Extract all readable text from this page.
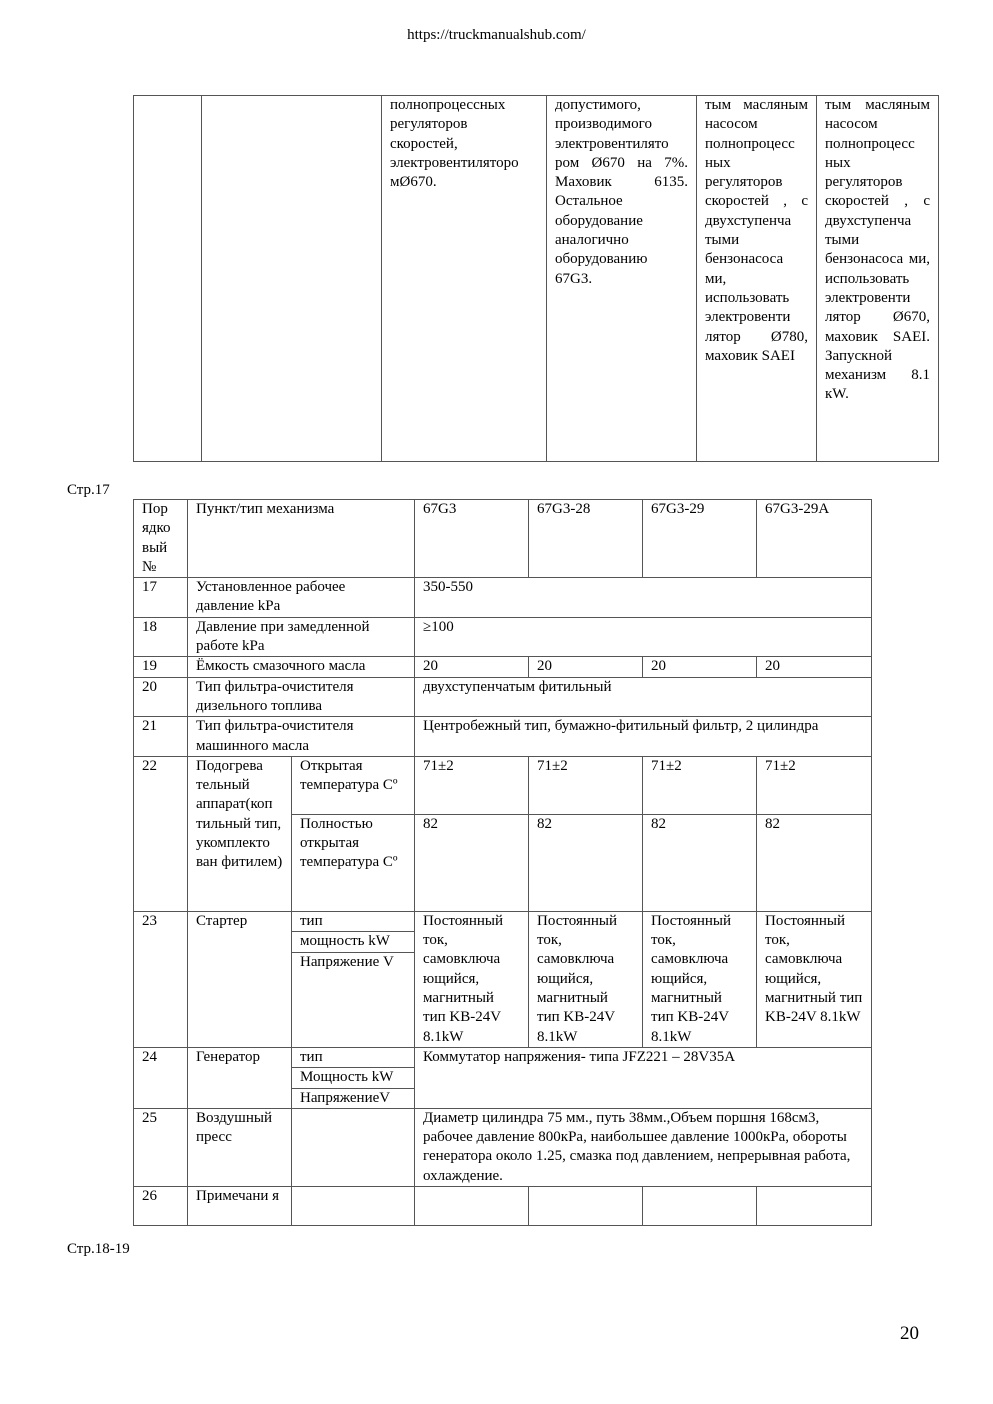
https://truckmanualshub.com/
		полнопроцессных регуляторов скоростей, электровентиляторо мØ670.	допустимого, производимого электровентилято ром Ø670 на 7%. Маховик 6135. Остальное оборудование аналогично оборудованию 67G3.	тым масляным насосом полнопроцесс ных регуляторов скоростей , с двухступенча тыми бензонасоса ми, использовать электровенти лятор Ø780, маховик SAEI	тым масляным насосом полнопроцесс ных регуляторов скоростей , с двухступенча тыми бензонасоса ми, использовать электровенти лятор Ø670, маховик SAEI. Запускной механизм 8.1 кW.
Стр.17
Пор ядко вый №	Пункт/тип механизма		67G3	67G3-28	67G3-29	67G3-29A
17	Установленное рабочее давление kPa		350-550			
18	Давление при замедленной работе kPa		≥100			
19	Ёмкость смазочного масла		20	20	20	20
20	Тип фильтра-очистителя дизельного топлива		двухступенчатым фитильный			
21	Тип фильтра-очистителя машинного масла		Центробежный тип, бумажно-фитильный фильтр, 2 цилиндра			
22	Подогрева тельный аппарат(коп тильный тип, укомплекто ван фитилем)	Открытая температура Cº	71±2	71±2	71±2	71±2
		Полностью открытая температура Cº	82	82	82	82
23	Стартер	тип	Постоянный ток, самовключа ющийся, магнитный тип KB-24V 8.1kW	Постоянный ток, самовключа ющийся, магнитный тип KB-24V 8.1kW	Постоянный ток, самовключа ющийся, магнитный тип KB-24V 8.1kW	Постоянный ток, самовключа ющийся, магнитный тип KB-24V 8.1kW
		мощность kW				
		Напряжение V				

24	Генератор	тип	Коммутатор напряжения- типа JFZ221 – 28V35A			
		Мощность kW				
		НапряжениеV				
25	Воздушный пресс		Диаметр цилиндра 75 мм., путь 38мм.,Объем поршня 168см3, рабочее давление 800кРа, наибольшее давление 1000кРа, обороты генератора около 1.25, смазка под давлением, непрерывная работа, охлаждение.			
26	Примечани я					
Стр.18-19
20
